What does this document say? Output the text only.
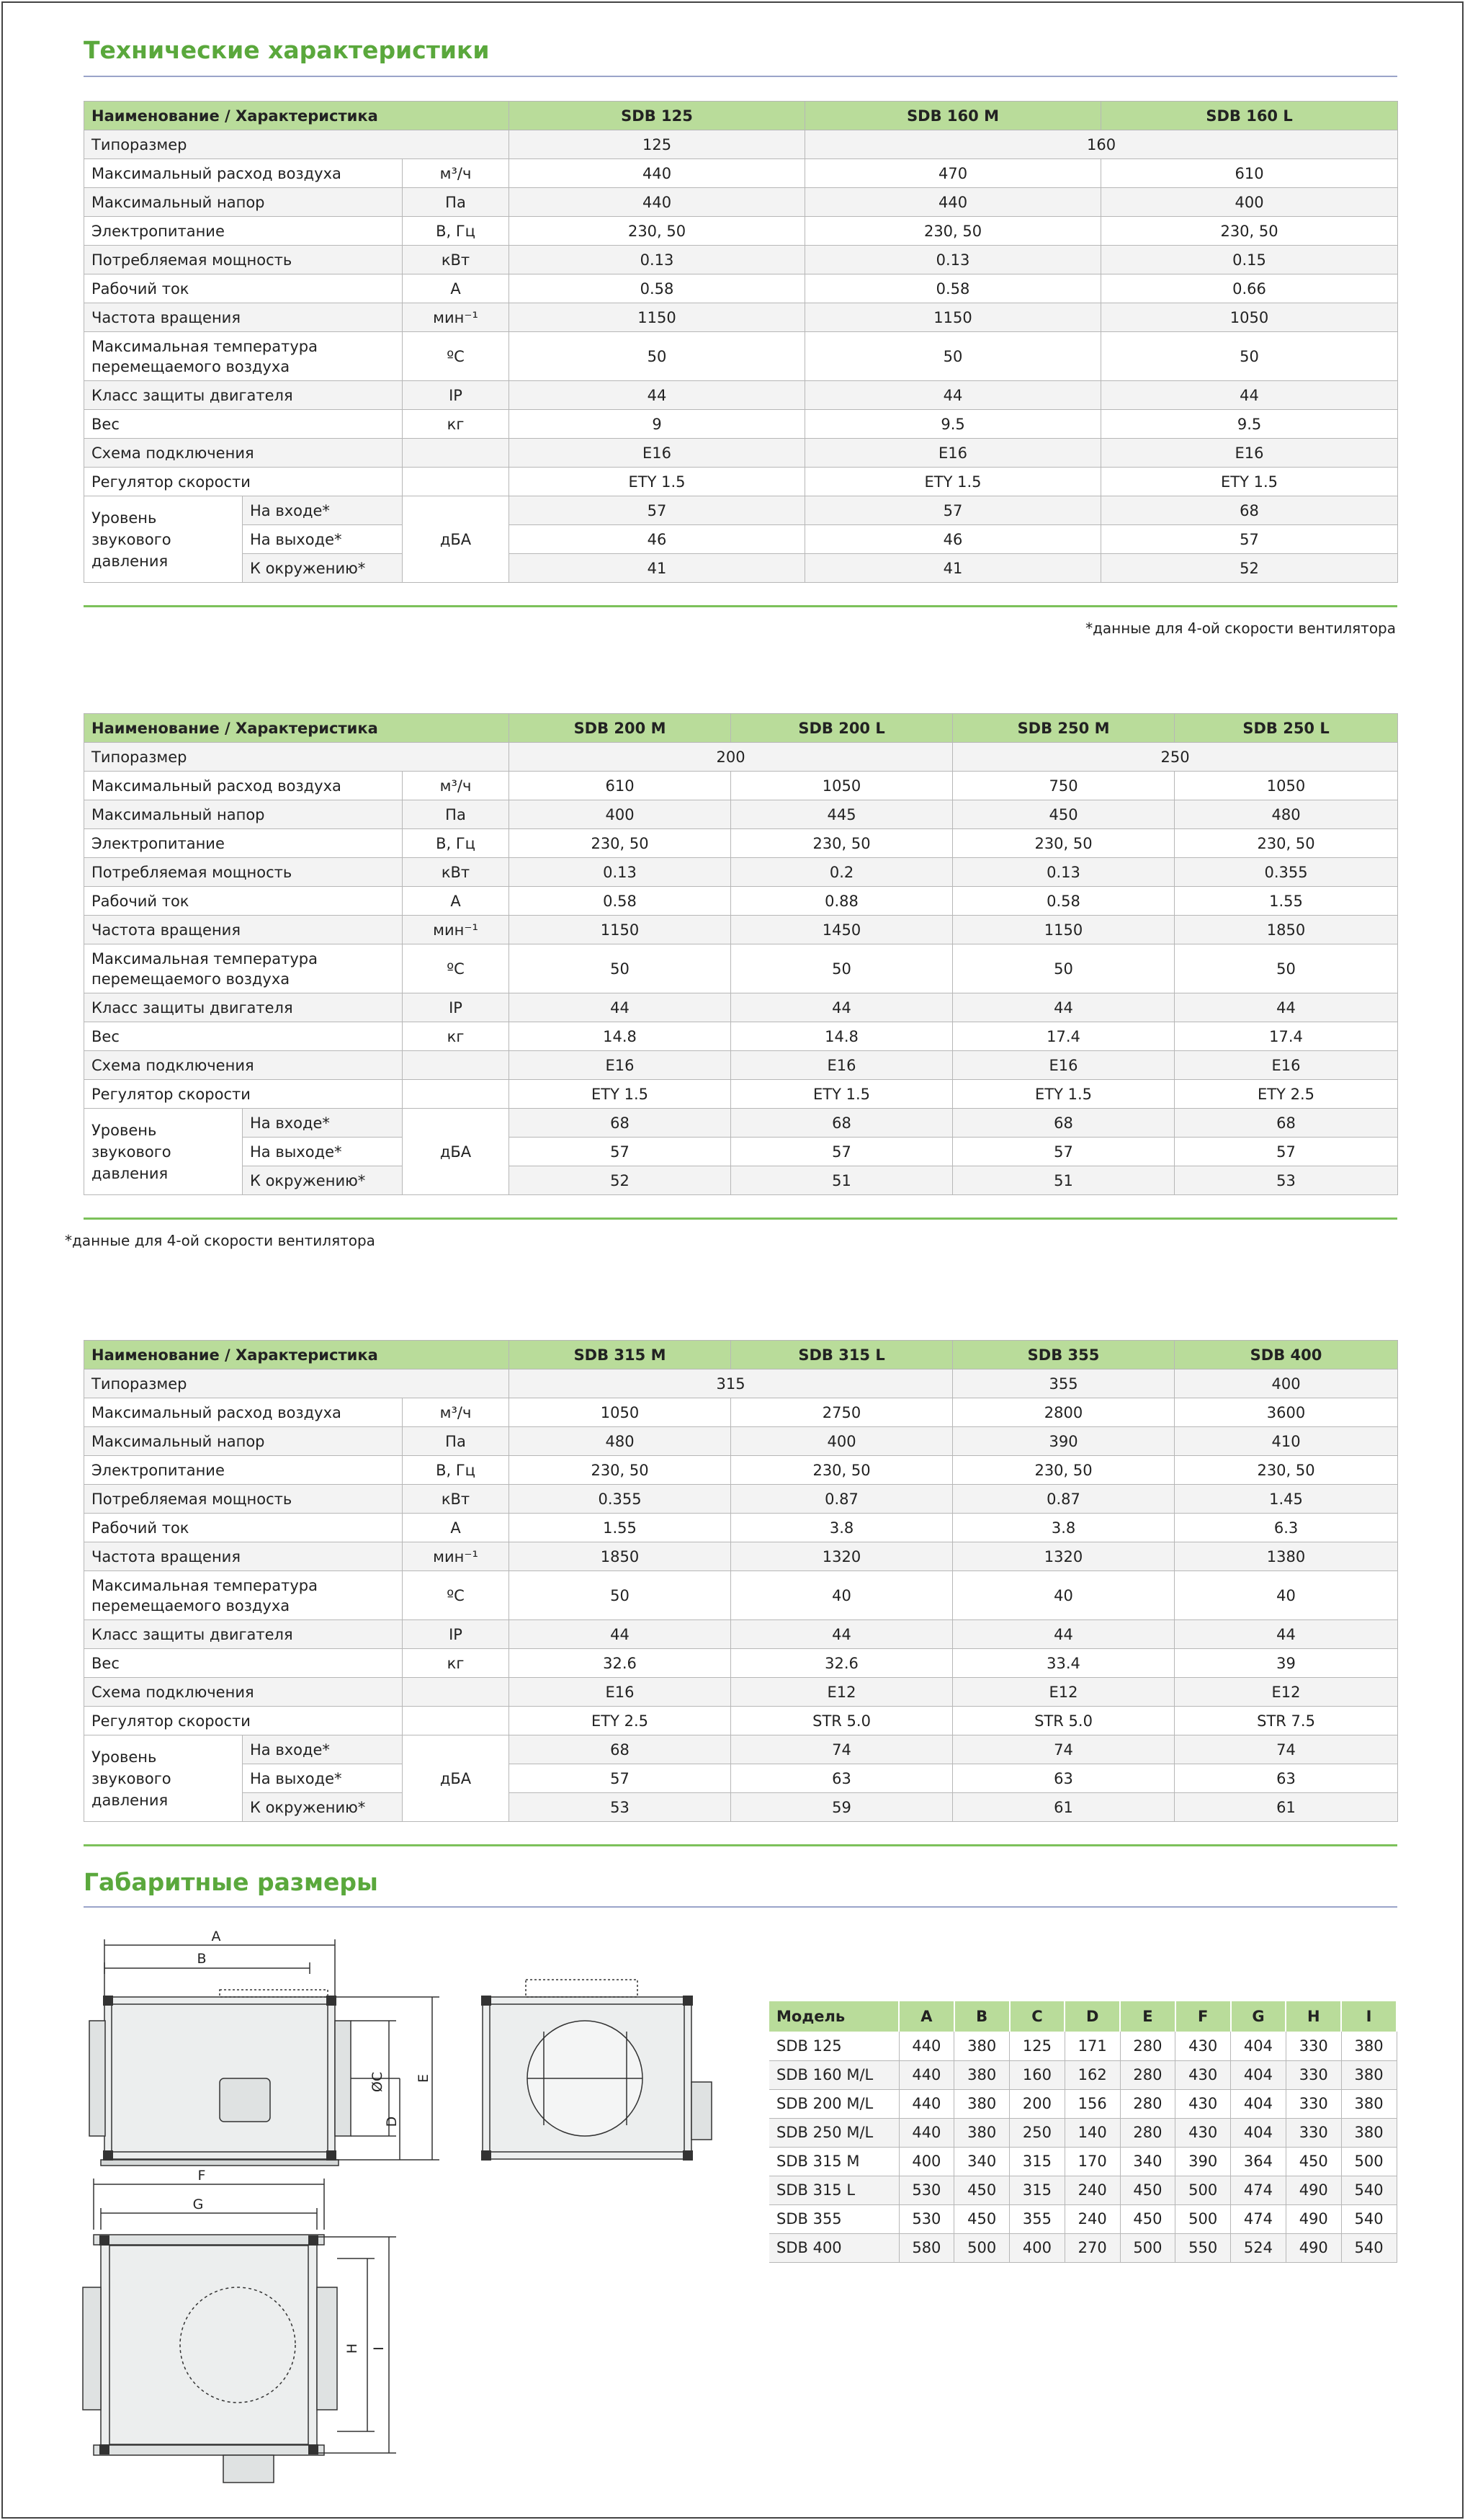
Технические характеристики
Наименование / Характеристика			SDB 125	SDB 160 M	SDB 160 L
Типоразмер			125	160	
Максимальный расход воздуха		м³/ч	440	470	610
Максимальный напор		Па	440	440	400
Электропитание		В, Гц	230, 50	230, 50	230, 50
Потребляемая мощность		кВт	0.13	0.13	0.15
Рабочий ток		А	0.58	0.58	0.66
Частота вращения		мин⁻¹	1150	1150	1050
Максимальная температура перемещаемого воздуха		ºC	50	50	50
Класс защиты двигателя		IP	44	44	44
Вес		кг	9	9.5	9.5
Схема подключения			E16	E16	E16
Регулятор скорости			ETY 1.5	ETY 1.5	ETY 1.5
Уровень звукового давления	На входе*	дБА	57	57	68
	На выходе*		46	46	57
	К окружению*		41	41	52
*данные для 4-ой скорости вентилятора
Наименование / Характеристика			SDB 200 M	SDB 200 L	SDB 250 M	SDB 250 L
Типоразмер			200		250	
Максимальный расход воздуха		м³/ч	610	1050	750	1050
Максимальный напор		Па	400	445	450	480
Электропитание		В, Гц	230, 50	230, 50	230, 50	230, 50
Потребляемая мощность		кВт	0.13	0.2	0.13	0.355
Рабочий ток		А	0.58	0.88	0.58	1.55
Частота вращения		мин⁻¹	1150	1450	1150	1850
Максимальная температура перемещаемого воздуха		ºC	50	50	50	50
Класс защиты двигателя		IP	44	44	44	44
Вес		кг	14.8	14.8	17.4	17.4
Схема подключения			E16	E16	E16	E16
Регулятор скорости			ETY 1.5	ETY 1.5	ETY 1.5	ETY 2.5
Уровень звукового давления	На входе*	дБА	68	68	68	68
	На выходе*		57	57	57	57
	К окружению*		52	51	51	53
*данные для 4-ой скорости вентилятора
Наименование / Характеристика			SDB 315 M	SDB 315 L	SDB 355	SDB 400
Типоразмер			315		355	400
Максимальный расход воздуха		м³/ч	1050	2750	2800	3600
Максимальный напор		Па	480	400	390	410
Электропитание		В, Гц	230, 50	230, 50	230, 50	230, 50
Потребляемая мощность		кВт	0.355	0.87	0.87	1.45
Рабочий ток		А	1.55	3.8	3.8	6.3
Частота вращения		мин⁻¹	1850	1320	1320	1380
Максимальная температура перемещаемого воздуха		ºC	50	40	40	40
Класс защиты двигателя		IP	44	44	44	44
Вес		кг	32.6	32.6	33.4	39
Схема подключения			E16	E12	E12	E12
Регулятор скорости			ETY 2.5	STR 5.0	STR 5.0	STR 7.5
Уровень звукового давления	На входе*	дБА	68	74	74	74
	На выходе*		57	63	63	63
	К окружению*		53	59	61	61
Габаритные размеры
A
B
ØC
D
E
F
G
H I
Модель	A	B	C	D	E	F	G	H	I
SDB 125	440	380	125	171	280	430	404	330	380
SDB 160 M/L	440	380	160	162	280	430	404	330	380
SDB 200 M/L	440	380	200	156	280	430	404	330	380
SDB 250 M/L	440	380	250	140	280	430	404	330	380
SDB 315 M	400	340	315	170	340	390	364	450	500
SDB 315 L	530	450	315	240	450	500	474	490	540
SDB 355	530	450	355	240	450	500	474	490	540
SDB 400	580	500	400	270	500	550	524	490	540
